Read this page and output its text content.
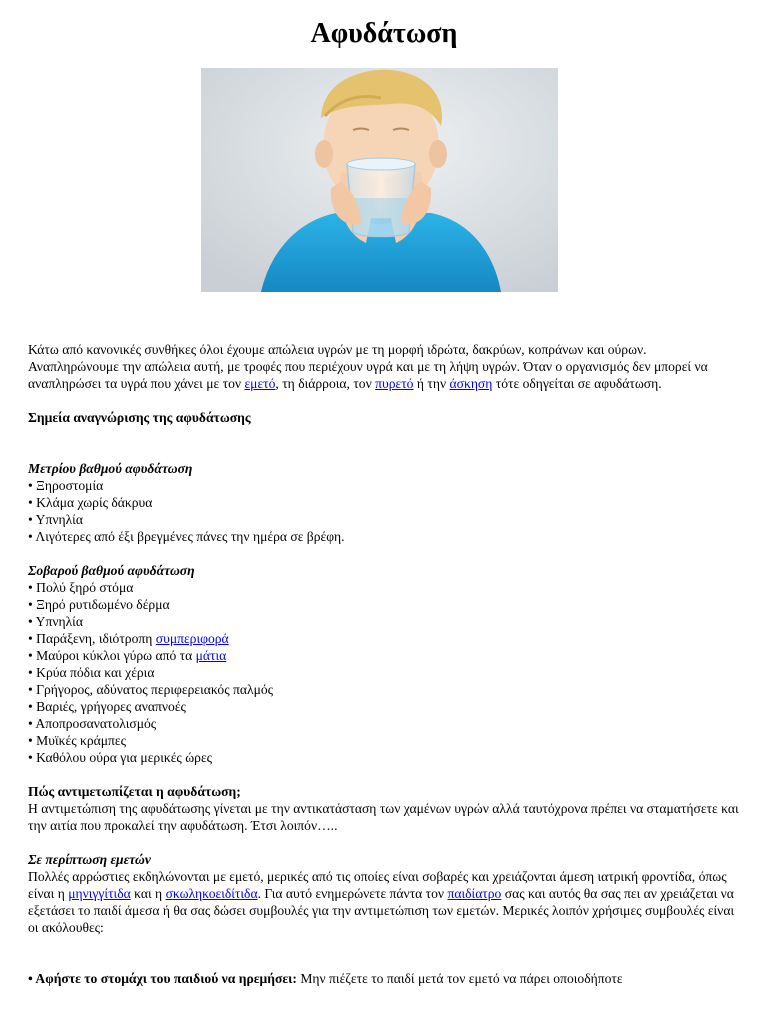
Αφυδάτωση

Κάτω από κανονικές συνθήκες όλοι έχουμε απώλεια υγρών με τη μορφή ιδρώτα, δακρύων, κοπράνων και ούρων. Αναπληρώνουμε την απώλεια αυτή, με τροφές που περιέχουν υγρά και με τη λήψη υγρών. Όταν ο οργανισμός δεν μπορεί να αναπληρώσει τα υγρά που χάνει με τον εμετό, τη διάρροια, τον πυρετό ή την άσκηση τότε οδηγείται σε αφυδάτωση.

Σημεία αναγνώρισης της αφυδάτωσης

Μετρίου βαθμού αφυδάτωση

• Ξηροστομία

• Κλάμα χωρίς δάκρυα

• Υπνηλία

• Λιγότερες από έξι βρεγμένες πάνες την ημέρα σε βρέφη.

Σοβαρού βαθμού αφυδάτωση

• Πολύ ξηρό στόμα

• Ξηρό ρυτιδωμένο δέρμα

• Υπνηλία

• Παράξενη, ιδιότροπη συμπεριφορά

• Μαύροι κύκλοι γύρω από τα μάτια

• Κρύα πόδια και χέρια

• Γρήγορος, αδύνατος περιφερειακός παλμός

• Βαριές, γρήγορες αναπνοές

• Αποπροσανατολισμός

• Μυϊκές κράμπες

• Καθόλου ούρα για μερικές ώρες

Πώς αντιμετωπίζεται η αφυδάτωση;

Η αντιμετώπιση της αφυδάτωσης γίνεται με την αντικατάσταση των χαμένων υγρών αλλά ταυτόχρονα πρέπει να σταματήσετε και την αιτία που προκαλεί την αφυδάτωση. Έτσι λοιπόν…..

Σε περίπτωση εμετών

Πολλές αρρώστιες εκδηλώνονται με εμετό, μερικές από τις οποίες είναι σοβαρές και χρειάζονται άμεση ιατρική φροντίδα, όπως είναι η μηνιγγίτιδα και η σκωληκοειδίτιδα. Για αυτό ενημερώνετε πάντα τον παιδίατρο σας και αυτός θα σας πει αν χρειάζεται να εξετάσει το παιδί άμεσα ή θα σας δώσει συμβουλές για την αντιμετώπιση των εμετών. Μερικές λοιπόν χρήσιμες συμβουλές είναι οι ακόλουθες:

• Αφήστε το στομάχι του παιδιού να ηρεμήσει: Μην πιέζετε το παιδί μετά τον εμετό να πάρει οποιοδήποτε
